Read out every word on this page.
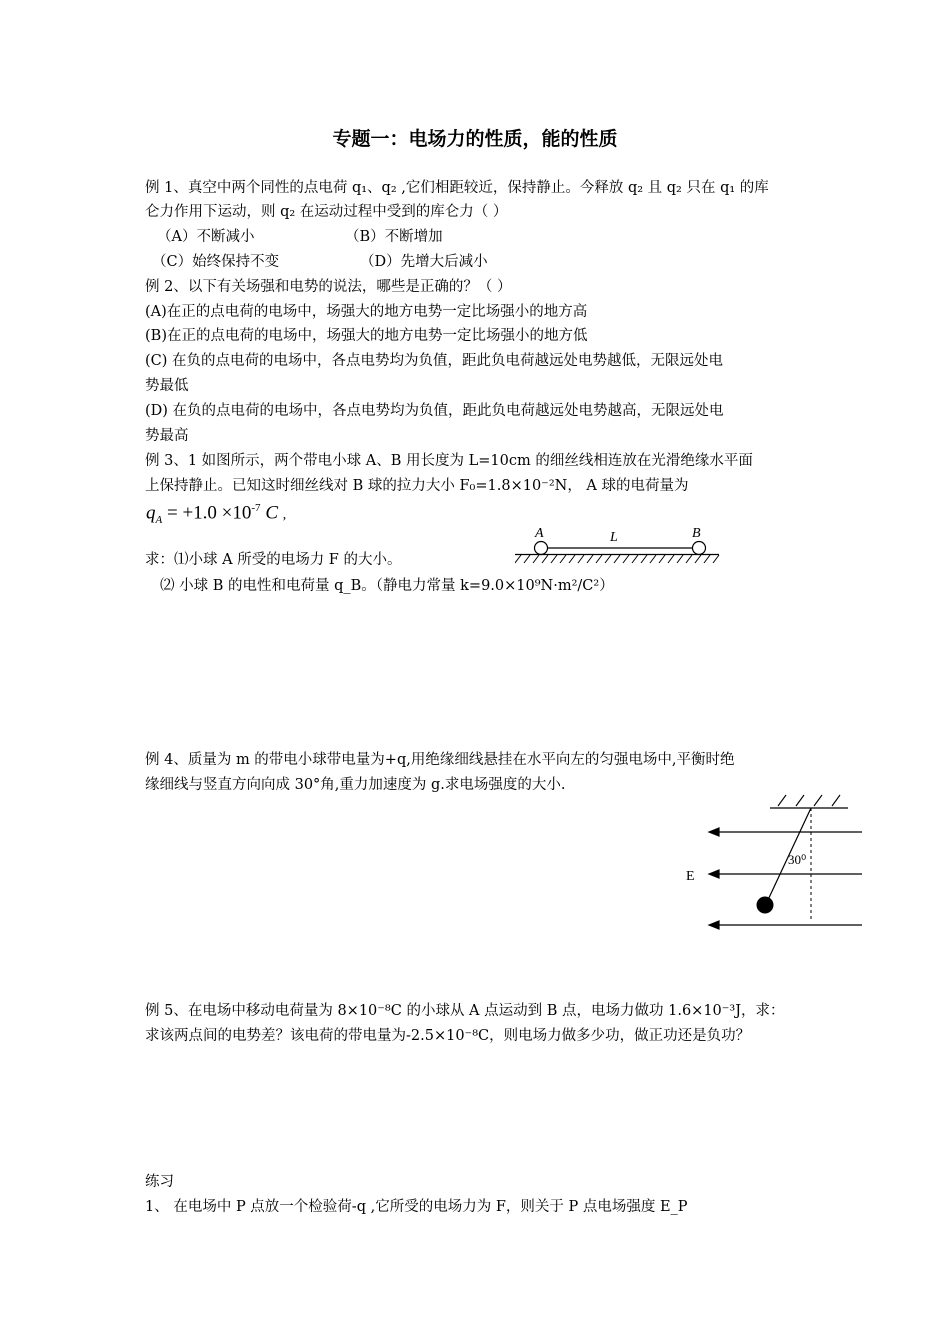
专题一：电场力的性质，能的性质
例 1、真空中两个同性的点电荷 q₁、q₂ ,它们相距较近，保持静止。今释放 q₂ 且 q₂ 只在 q₁ 的库
仑力作用下运动，则 q₂ 在运动过程中受到的库仑力（ ）
（A）不断减小	（B）不断增加
（C）始终保持不变	（D）先增大后减小
例 2、以下有关场强和电势的说法，哪些是正确的？（ ）
(A)在正的点电荷的电场中，场强大的地方电势一定比场强小的地方高
(B)在正的点电荷的电场中，场强大的地方电势一定比场强小的地方低
(C) 在负的点电荷的电场中，各点电势均为负值，距此负电荷越远处电势越低，无限远处电
势最低
(D) 在负的点电荷的电场中，各点电势均为负值，距此负电荷越远处电势越高，无限远处电
势最高
例 3、1 如图所示，两个带电小球 A、B 用长度为 L=10cm 的细丝线相连放在光滑绝缘水平面
上保持静止。已知这时细丝线对 B 球的拉力大小 F₀=1.8×10⁻²N， A 球的电荷量为
$q_A = +1.0 \times 10^{-7}$ C ,
求：⑴小球 A 所受的电场力 F 的大小。
⑵ 小球 B 的电性和电荷量 q_B。（静电力常量 k=9.0×10⁹N·m²/C²）
A	L	B
例 4、质量为 m 的带电小球带电量为+q,用绝缘细线悬挂在水平向左的匀强电场中,平衡时绝
缘细线与竖直方向向成 30°角,重力加速度为 g.求电场强度的大小.
30⁰
E
例 5、在电场中移动电荷量为 8×10⁻⁸C 的小球从 A 点运动到 B 点，电场力做功 1.6×10⁻³J，求：
求该两点间的电势差？该电荷的带电量为-2.5×10⁻⁸C，则电场力做多少功，做正功还是负功？
练习
1、 在电场中 P 点放一个检验荷-q ,它所受的电场力为 F，则关于 P 点电场强度 E_P
